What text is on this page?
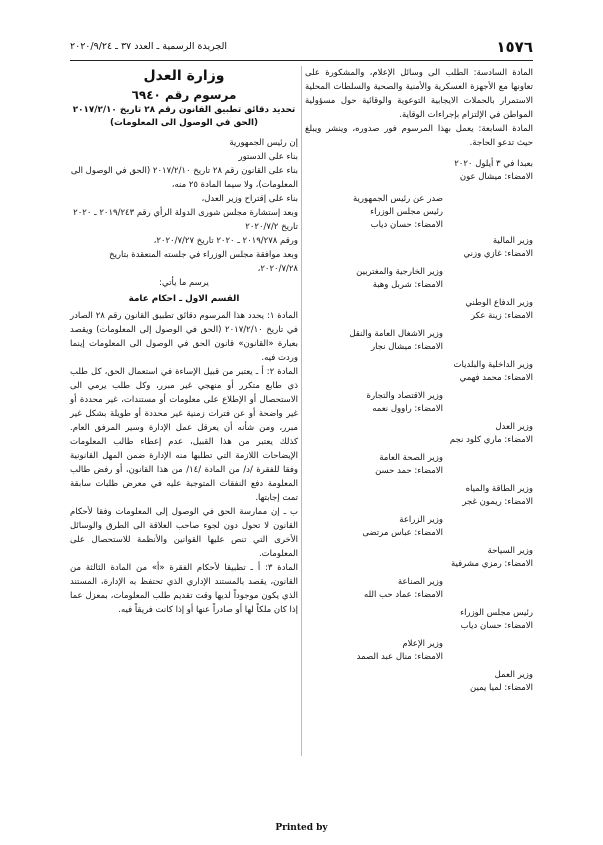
١٥٧٦
الجريدة الرسمية ـ العدد ٣٧ ـ ٢٠٢٠/٩/٢٤

المادة السادسة: الطلب الى وسائل الإعلام، والمشكورة على تعاونها مع الأجهزة العسكرية والأمنية والصحية والسلطات المحلية الاستمرار بالحملات الايجابية التوعوية والوقائية حول مسؤولية المواطن في الإلتزام بإجراءات الوقاية.

المادة السابعة: يعمل بهذا المرسوم فور صدوره، وينشر ويبلغ حيث تدعو الحاجة.

بعبدا في ٣ أيلول ٢٠٢٠

الامضاء: ميشال عون
صدر عن رئيس الجمهورية
رئيس مجلس الوزراء
الامضاء: حسان دياب
وزير المالية
الامضاء: غازي وزني
وزير الخارجية والمغتربين
الامضاء: شربل وهبة
وزير الدفاع الوطني
الامضاء: زينة عكر
وزير الاشغال العامة والنقل
الامضاء: ميشال نجار
وزير الداخلية والبلديات
الامضاء: محمد فهمي
وزير الاقتصاد والتجارة
الامضاء: راوول نعمه
وزير العدل
الامضاء: ماري كلود نجم
وزير الصحة العامة
الامضاء: حمد حسن
وزير الطاقة والمياه
الامضاء: ريمون غجر
وزير الزراعة
الامضاء: عباس مرتضى
وزير السياحة
الامضاء: رمزي مشرفية
وزير الصناعة
الامضاء: عماد حب الله
رئيس مجلس الوزراء
الامضاء: حسان دياب
وزير الإعلام
الامضاء: منال عبد الصمد
وزير العمل
الامضاء: لميا يمين

وزارة العدل

مرسوم رقم ٦٩٤٠

تحديد دقائق تطبيق القانون رقم ٢٨ تاريخ ٢٠١٧/٢/١٠ (الحق في الوصول الى المعلومات)

إن رئيس الجمهورية

بناء على الدستور

بناء على القانون رقم ٢٨ تاريخ ٢٠١٧/٢/١٠ (الحق في الوصول الى المعلومات)، ولا سيما المادة ٢٥ منه،

بناء على إقتراح وزير العدل،

وبعد إستشارة مجلس شورى الدولة الرأي رقم ٢٠١٩/٢٤٣ ـ ٢٠٢٠ تاريخ ٢٠٢٠/٧/٢

ورقم ٢٠١٩/٢٧٨ ـ ٢٠٢٠ تاريخ ٢٠٢٠/٧/٢٧،

وبعد موافقة مجلس الوزراء في جلسته المنعقدة بتاريخ ٢٠٢٠/٧/٢٨،

يرسم ما يأتي:

القسم الاول ـ احكام عامة

المادة ١: يحدد هذا المرسوم دقائق تطبيق القانون رقم ٢٨ الصادر في تاريخ ٢٠١٧/٢/١٠ (الحق في الوصول إلى المعلومات) ويقصد بعبارة «القانون» قانون الحق في الوصول الى المعلومات إينما وردت فيه.

المادة ٢: أ ـ يعتبر من قبيل الإساءة في استعمال الحق، كل طلب ذي طابع متكرر أو منهجي غير مبرر، وكل طلب يرمي الى الاستحصال أو الإطلاع على معلومات أو مستندات، غير محددة أو غير واضحة أو عن فترات زمنية غير محددة أو طويلة بشكل غير مبرر، ومن شأنه أن يعرقل عمل الإدارة وسير المرفق العام. كذلك يعتبر من هذا القبيل، عدم إعطاء طالب المعلومات الإيضاحات اللازمة التي تطلبها منه الإدارة ضمن المهل القانونية وفقا للفقرة /د/ من المادة /١٤/ من هذا القانون، أو رفض طالب المعلومة دفع النفقات المتوجبة عليه في معرض طلبات سابقة تمت إجابتها.

ب ـ إن ممارسة الحق في الوصول إلى المعلومات وفقا لأحكام القانون لا تحول دون لجوء صاحب العلاقة الى الطرق والوسائل الأخرى التي تنص عليها القوانين والأنظمة للاستحصال على المعلومات.

المادة ٣: أ ـ تطبيقا لأحكام الفقرة «أ» من المادة الثالثة من القانون، يقصد بالمستند الإداري الذي تحتفظ به الإدارة، المستند الذي يكون موجوداً لديها وقت تقديم طلب المعلومات، بمعزل عما إذا كان ملكاً لها أو صادراً عنها أو إذا كانت فريقاً فيه.

Printed by
